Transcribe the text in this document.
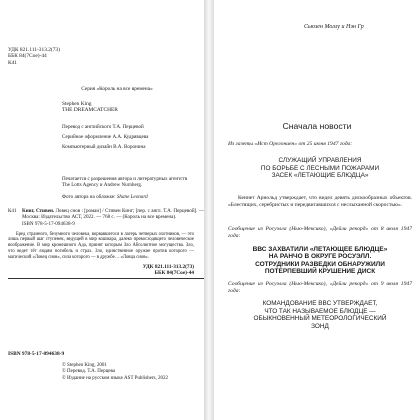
УДК 821.111-313.2(73)
ББК 84(7Сое)-44
К41
Серия «Король на все времена»
Stephen King
THE DREAMCATCHER

Перевод с английского Т.А. Перцевой

Серийное оформление А.А. Кудрявцева

Компьютерный дизайн В.А. Воронина

Печатается с разрешения автора и литературных агентств
The Lotts Agency и Andrew Nurnberg.
Фото автора на обложке: Shane Leonard
К41	Кинг, Стивен. Ловец снов : [роман] / Стивен Кинг; [пер. с англ. Т.А. Перцевой]. — Москва: Издательство АСТ, 2022. — 768 с. — (Король на все времена).
ISBN 978-5-17-094638-9
Бред странного, безумного человека, ворвавшегося в лагерь четверых охотников, — это лишь первый шаг ступенек, ведущей в мир кошмара, далеко превосходящего человеческое воображение. В мир кромешного Ада, принят которым Зло Абсолютное могущества. Зло, что ведет тёт людям погибель и страх. Зло, единственное оружие против которого — магический «Ловец снов», сила которого — в дружбе… «Ловца снов».
УДК 821.111-313.2(73)
ББК 84(7Сое)-44
ISBN 978-5-17-094638-9
© Stephen King, 2001
© Перевод. Т.А. Перцева
© Издание на русском языке AST Publishers, 2022
Сьюзен Моллу и Нэн Гр
Сначала новости
Из газеты «Ист Орегониен» от 25 июня 1947 года:
СЛУЖАЩИЙ УПРАВЛЕНИЯ
ПО БОРЬБЕ С ЛЕСНЫМИ ПОЖАРАМИ
ЗАСЕК «ЛЕТАЮЩИЕ БЛЮДЦА»
Кеннет Арнольд утверждает, что видел девять дискообразных объектов. «Блестящих, серебристых и передвигавшихся с неслыханной скоростью».
Сообщение из Росуэлла (Нью-Мексико), «Дейли рекорд» от 8 июля 1947 года:
ВВС ЗАХВАТИЛИ «ЛЕТАЮЩЕЕ БЛЮДЦЕ»
НА РАНЧО В ОКРУГЕ РОСУЭЛЛ.
СОТРУДНИКИ РАЗВЕДКИ ОБНАРУЖИЛИ
ПОТЕРПЕВШИЙ КРУШЕНИЕ ДИСК
Сообщение из Росуэлла (Нью-Мексико), «Дейли рекорд» от 9 июля 1947 года:
КОМАНДОВАНИЕ ВВС УТВЕРЖДАЕТ,
ЧТО ТАК НАЗЫВАЕМОЕ БЛЮДЦЕ —
ОБЫКНОВЕННЫЙ МЕТЕОРОЛОГИЧЕСКИЙ
ЗОНД
